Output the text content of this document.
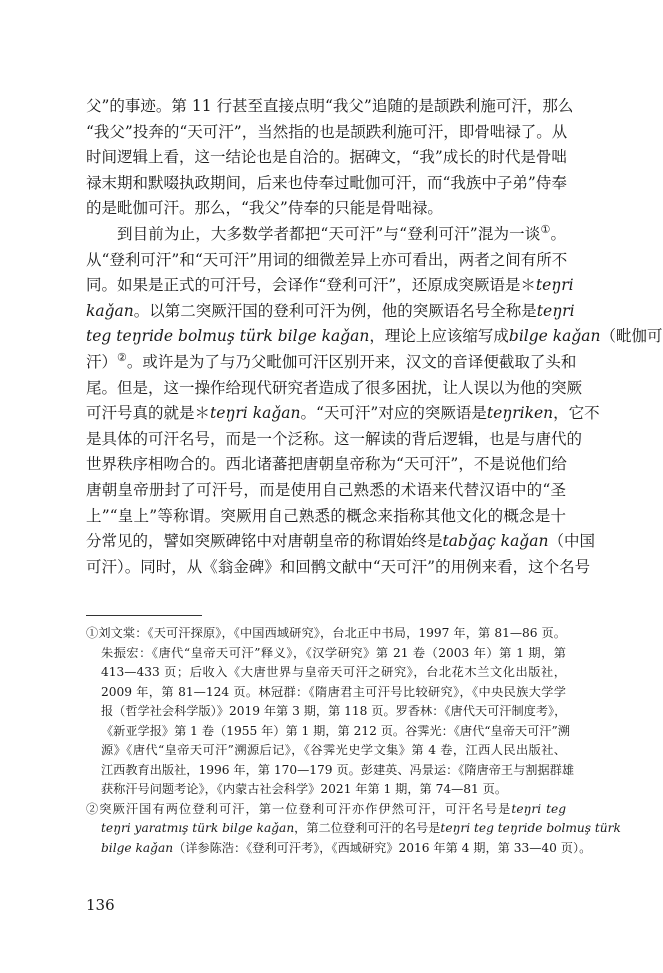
父”的事迹。第 11 行甚至直接点明“我父”追随的是颉跌利施可汗，那么

“我父”投奔的“天可汗”，当然指的也是颉跌利施可汗，即骨咄禄了。从

时间逻辑上看，这一结论也是自洽的。据碑文，“我”成长的时代是骨咄

禄末期和默啜执政期间，后来也侍奉过毗伽可汗，而“我族中子弟”侍奉

的是毗伽可汗。那么，“我父”侍奉的只能是骨咄禄。

到目前为止，大多数学者都把“天可汗”与“登利可汗”混为一谈①。

从“登利可汗”和“天可汗”用词的细微差异上亦可看出，两者之间有所不

同。如果是正式的可汗号，会译作“登利可汗”，还原成突厥语是＊teŋri

kaǧan。以第二突厥汗国的登利可汗为例，他的突厥语名号全称是teŋri

teg teŋride bolmuş türk bilge kaǧan，理论上应该缩写成bilge kaǧan（毗伽可

汗）②。或许是为了与乃父毗伽可汗区别开来，汉文的音译便截取了头和

尾。但是，这一操作给现代研究者造成了很多困扰，让人误以为他的突厥

可汗号真的就是＊teŋri kaǧan。“天可汗”对应的突厥语是teŋriken，它不

是具体的可汗名号，而是一个泛称。这一解读的背后逻辑，也是与唐代的

世界秩序相吻合的。西北诸蕃把唐朝皇帝称为“天可汗”，不是说他们给

唐朝皇帝册封了可汗号，而是使用自己熟悉的术语来代替汉语中的“圣

上”“皇上”等称谓。突厥用自己熟悉的概念来指称其他文化的概念是十

分常见的，譬如突厥碑铭中对唐朝皇帝的称谓始终是tabǧaç kaǧan（中国

可汗）。同时，从《翁金碑》和回鹘文献中“天可汗”的用例来看，这个名号

①刘文棠：《天可汗探原》，《中国西域研究》，台北正中书局，1997 年，第 81—86 页。

朱振宏：《唐代“皇帝天可汗”释义》，《汉学研究》第 21 卷（2003 年）第 1 期，第

413—433 页；后收入《大唐世界与皇帝天可汗之研究》，台北花木兰文化出版社，

2009 年，第 81—124 页。林冠群：《隋唐君主可汗号比较研究》，《中央民族大学学

报（哲学社会科学版）》2019 年第 3 期，第 118 页。罗香林：《唐代天可汗制度考》，

《新亚学报》第 1 卷（1955 年）第 1 期，第 212 页。谷霁光：《唐代“皇帝天可汗”溯

源》《唐代“皇帝天可汗”溯源后记》，《谷霁光史学文集》第 4 卷，江西人民出版社、

江西教育出版社，1996 年，第 170—179 页。彭建英、冯景运：《隋唐帝王与割据群雄

获称汗号问题考论》，《内蒙古社会科学》2021 年第 1 期，第 74—81 页。

②突厥汗国有两位登利可汗，第一位登利可汗亦作伊然可汗，可汗名号是teŋri teg

teŋri yaratmış türk bilge kaǧan，第二位登利可汗的名号是teŋri teg teŋride bolmuş türk

bilge kaǧan（详参陈浩：《登利可汗考》，《西域研究》2016 年第 4 期，第 33—40 页）。

136
